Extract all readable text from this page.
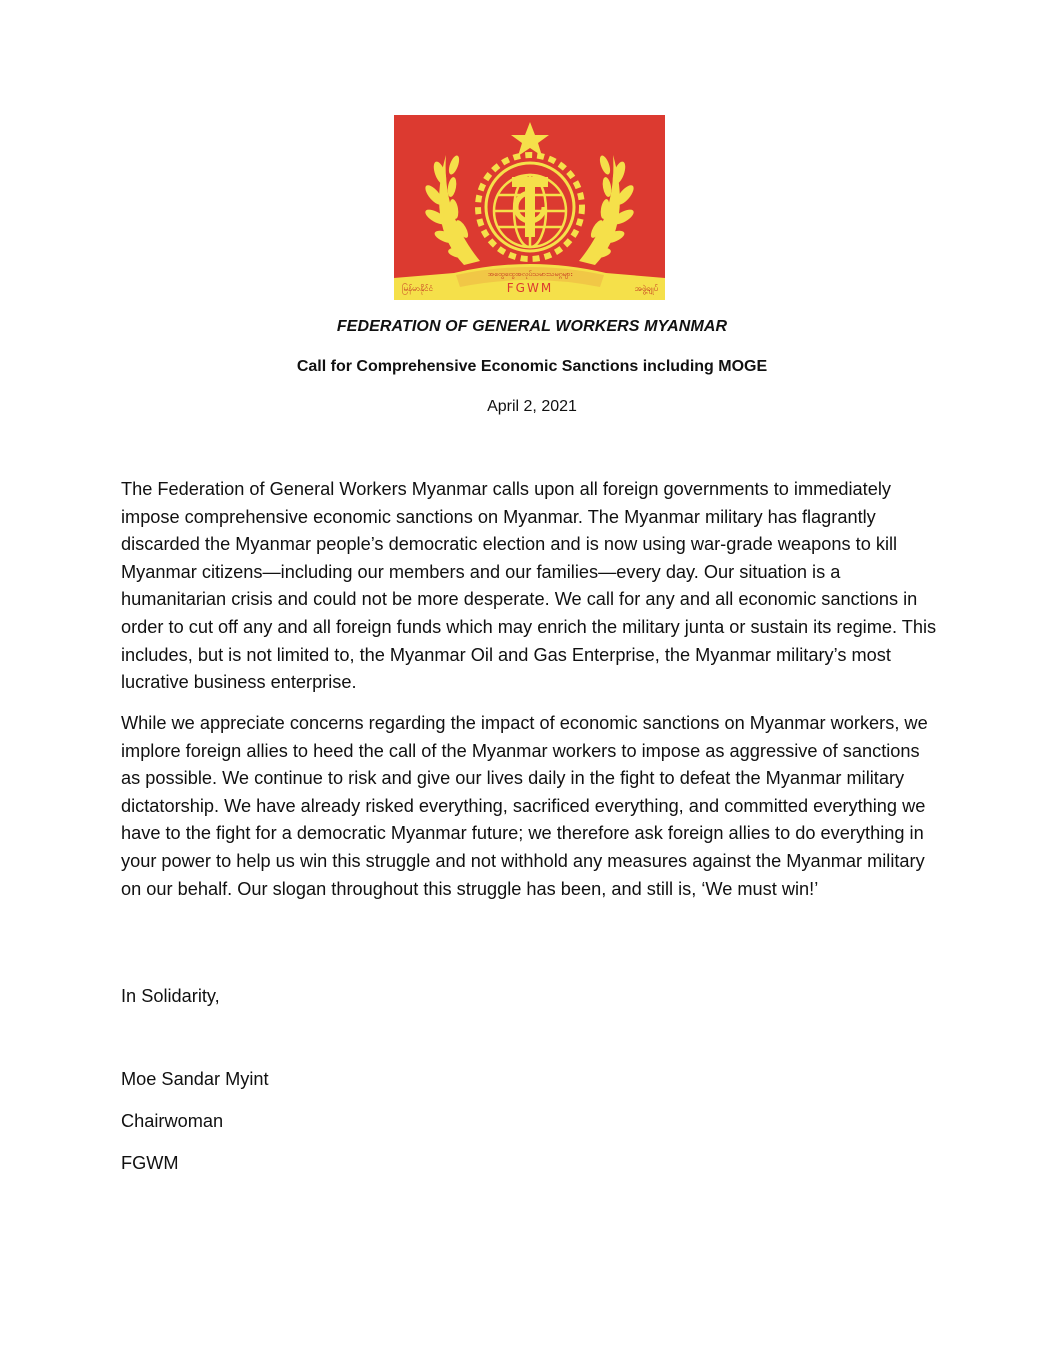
မြန်မာနိုင်ငံ
အထွေထွေအလုပ်သမားသမဂ္ဂများ
FGWM	အဖွဲ့ချုပ်
FEDERATION OF GENERAL WORKERS MYANMAR
Call for Comprehensive Economic Sanctions including MOGE
April 2, 2021

The Federation of General Workers Myanmar calls upon all foreign governments to immediately impose comprehensive economic sanctions on Myanmar. The Myanmar military has flagrantly discarded the Myanmar people’s democratic election and is now using war-grade weapons to kill Myanmar citizens—including our members and our families—every day. Our situation is a humanitarian crisis and could not be more desperate. We call for any and all economic sanctions in order to cut off any and all foreign funds which may enrich the military junta or sustain its regime. This includes, but is not limited to, the Myanmar Oil and Gas Enterprise, the Myanmar military’s most lucrative business enterprise.

While we appreciate concerns regarding the impact of economic sanctions on Myanmar workers, we implore foreign allies to heed the call of the Myanmar workers to impose as aggressive of sanctions as possible. We continue to risk and give our lives daily in the fight to defeat the Myanmar military dictatorship. We have already risked everything, sacrificed everything, and committed everything we have to the fight for a democratic Myanmar future; we therefore ask foreign allies to do everything in your power to help us win this struggle and not withhold any measures against the Myanmar military on our behalf. Our slogan throughout this struggle has been, and still is, ‘We must win!’

In Solidarity,
Moe Sandar Myint
Chairwoman
FGWM
